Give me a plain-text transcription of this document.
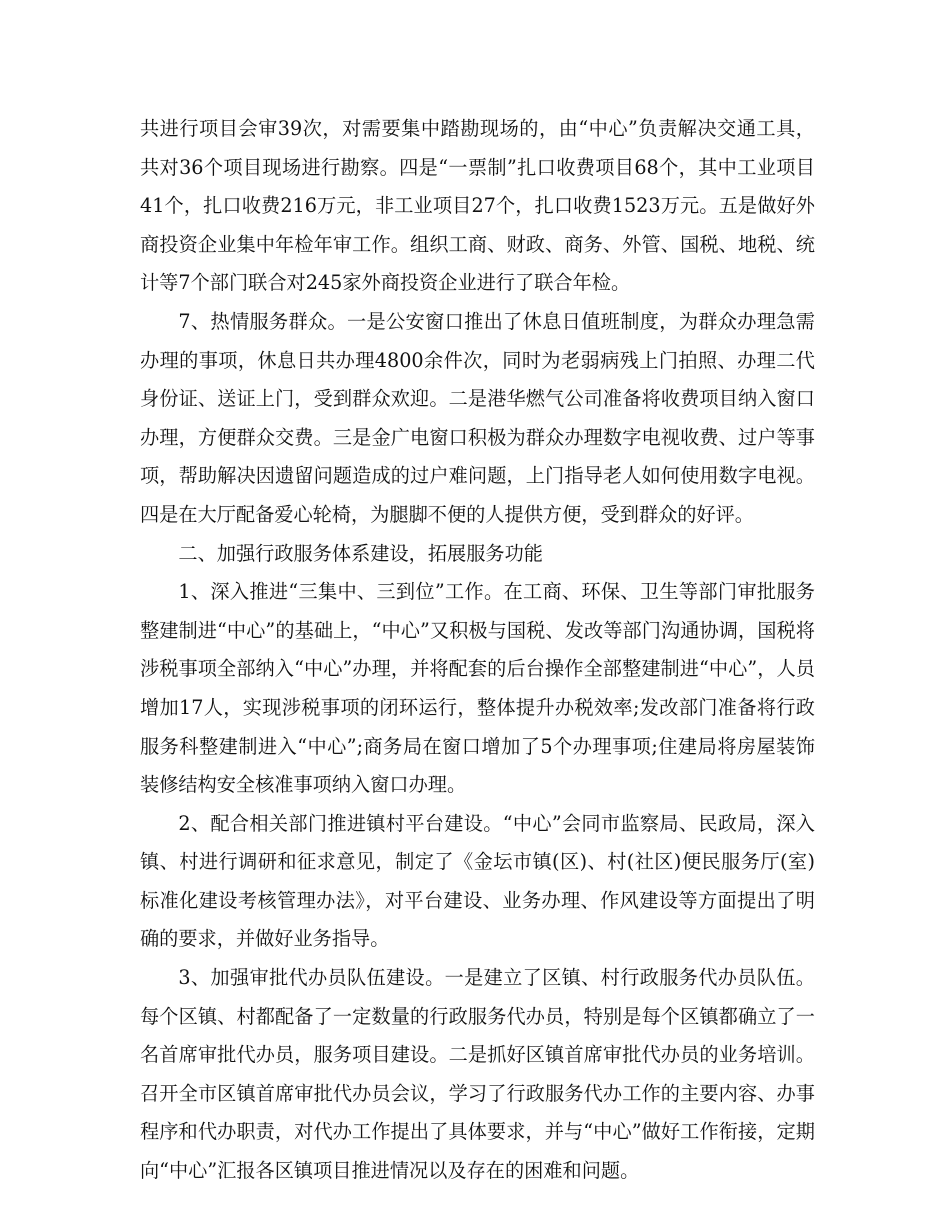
共进行项目会审39次，对需要集中踏勘现场的，由“中心”负责解决交通工具，共对36个项目现场进行勘察。四是“一票制”扎口收费项目68个，其中工业项目41个，扎口收费216万元，非工业项目27个，扎口收费1523万元。五是做好外商投资企业集中年检年审工作。组织工商、财政、商务、外管、国税、地税、统计等7个部门联合对245家外商投资企业进行了联合年检。

7、热情服务群众。一是公安窗口推出了休息日值班制度，为群众办理急需办理的事项，休息日共办理4800余件次，同时为老弱病残上门拍照、办理二代身份证、送证上门，受到群众欢迎。二是港华燃气公司准备将收费项目纳入窗口办理，方便群众交费。三是金广电窗口积极为群众办理数字电视收费、过户等事项，帮助解决因遗留问题造成的过户难问题，上门指导老人如何使用数字电视。四是在大厅配备爱心轮椅，为腿脚不便的人提供方便，受到群众的好评。

二、加强行政服务体系建设，拓展服务功能

1、深入推进“三集中、三到位”工作。在工商、环保、卫生等部门审批服务整建制进“中心”的基础上，“中心”又积极与国税、发改等部门沟通协调，国税将涉税事项全部纳入“中心”办理，并将配套的后台操作全部整建制进“中心”，人员增加17人，实现涉税事项的闭环运行，整体提升办税效率;发改部门准备将行政服务科整建制进入“中心”;商务局在窗口增加了5个办理事项;住建局将房屋装饰装修结构安全核准事项纳入窗口办理。

2、配合相关部门推进镇村平台建设。“中心”会同市监察局、民政局，深入镇、村进行调研和征求意见，制定了《金坛市镇(区)、村(社区)便民服务厅(室)标准化建设考核管理办法》，对平台建设、业务办理、作风建设等方面提出了明确的要求，并做好业务指导。

3、加强审批代办员队伍建设。一是建立了区镇、村行政服务代办员队伍。每个区镇、村都配备了一定数量的行政服务代办员，特别是每个区镇都确立了一名首席审批代办员，服务项目建设。二是抓好区镇首席审批代办员的业务培训。召开全市区镇首席审批代办员会议，学习了行政服务代办工作的主要内容、办事程序和代办职责，对代办工作提出了具体要求，并与“中心”做好工作衔接，定期向“中心”汇报各区镇项目推进情况以及存在的困难和问题。
